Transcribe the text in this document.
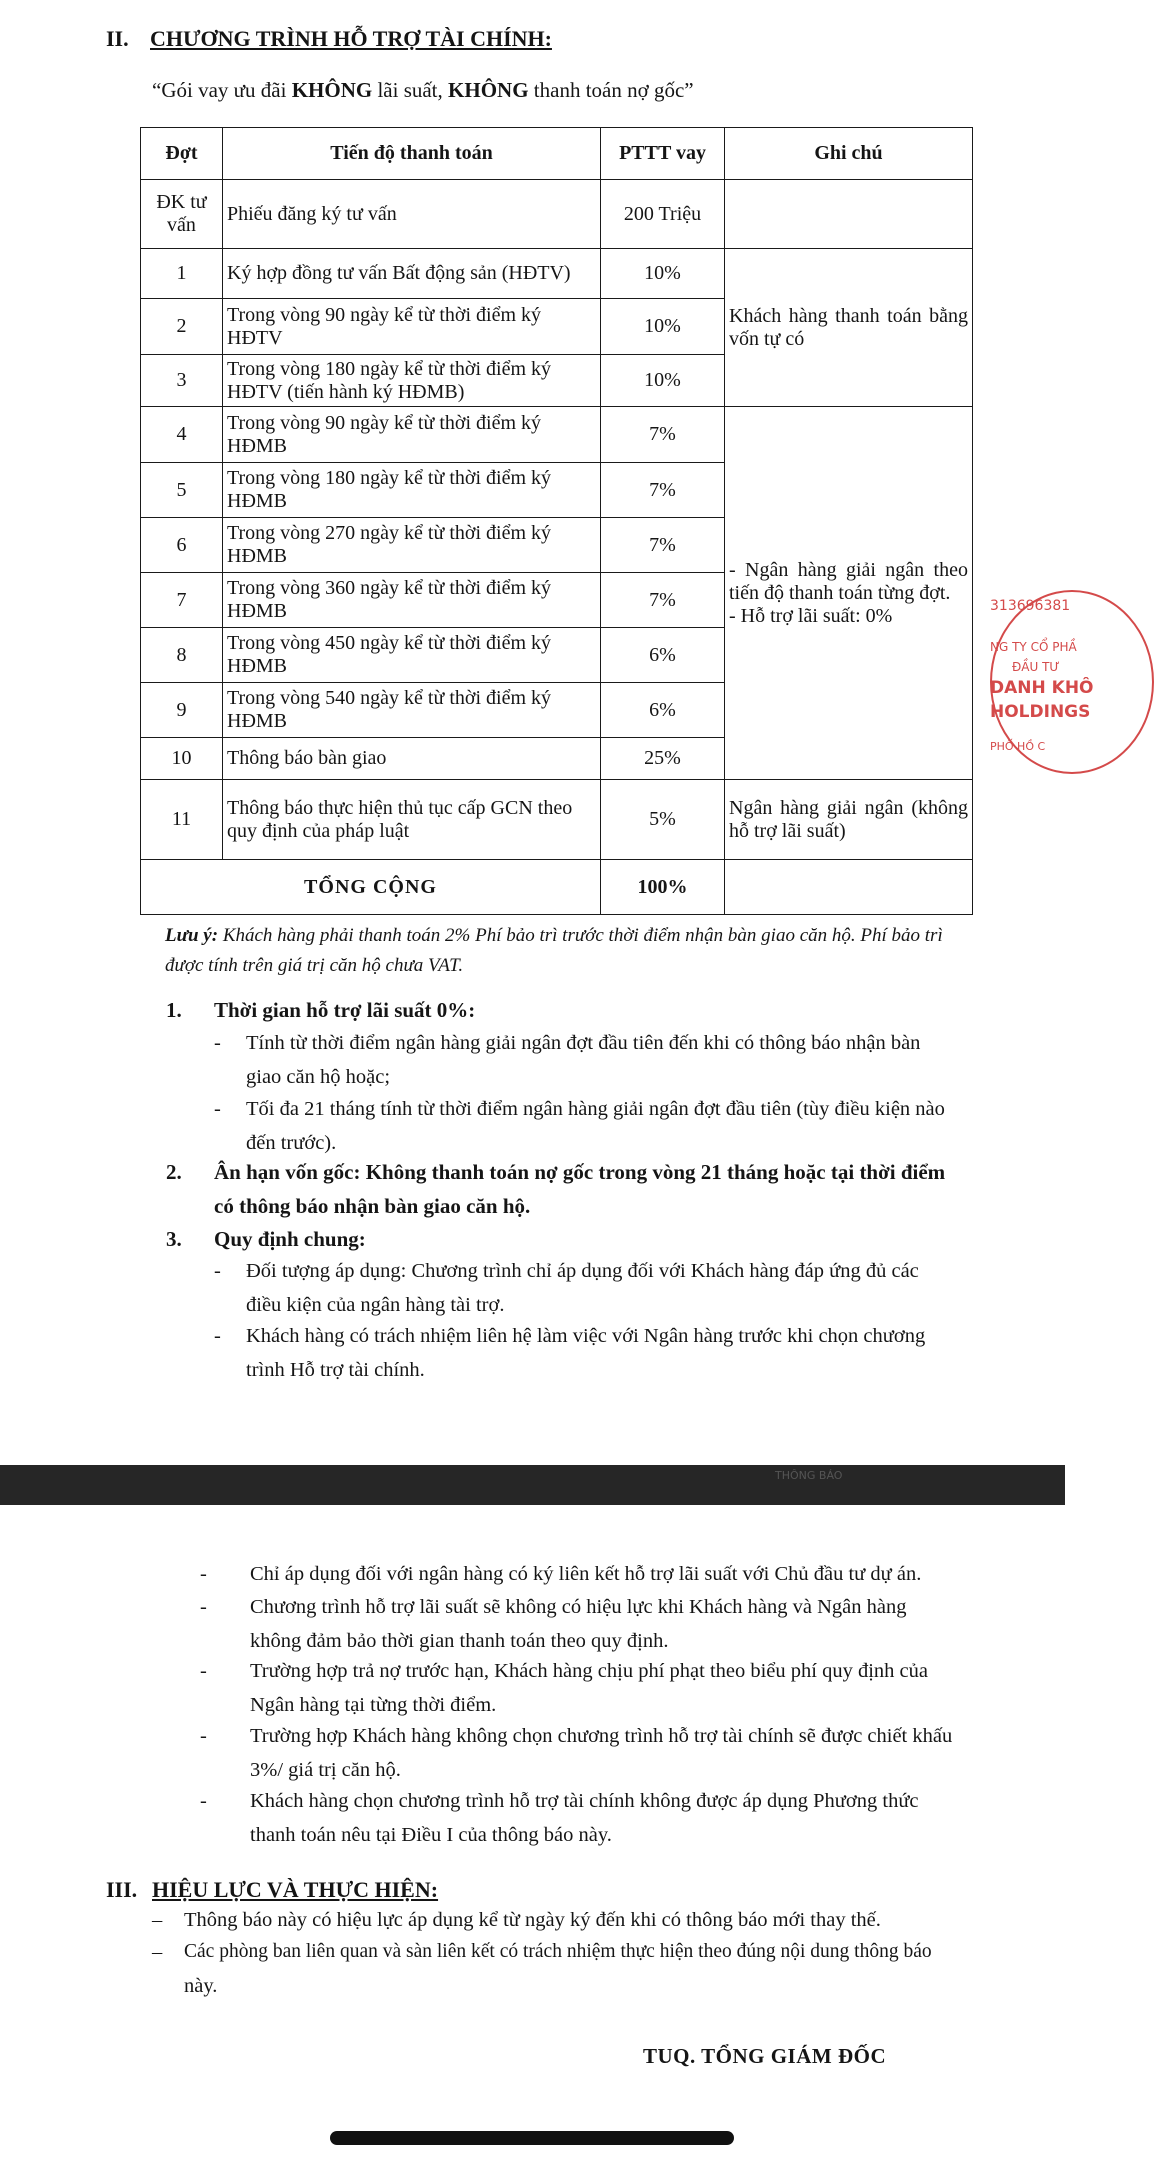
II. CHƯƠNG TRÌNH HỖ TRỢ TÀI CHÍNH:
“Gói vay ưu đãi KHÔNG lãi suất, KHÔNG thanh toán nợ gốc”
Đợt	Tiến độ thanh toán	PTTT vay	Ghi chú
ĐK tư vấn	Phiếu đăng ký tư vấn	200 Triệu	
1	Ký hợp đồng tư vấn Bất động sản (HĐTV)	10%	Khách hàng thanh toán bằng vốn tự có
2	Trong vòng 90 ngày kể từ thời điểm ký HĐTV	10%	
3	Trong vòng 180 ngày kể từ thời điểm ký HĐTV (tiến hành ký HĐMB)	10%	
4	Trong vòng 90 ngày kể từ thời điểm ký HĐMB	7%	- Ngân hàng giải ngân theo tiến độ thanh toán từng đợt.
- Hỗ trợ lãi suất: 0%

5	Trong vòng 180 ngày kể từ thời điểm ký HĐMB	7%	
6	Trong vòng 270 ngày kể từ thời điểm ký HĐMB	7%	
7	Trong vòng 360 ngày kể từ thời điểm ký HĐMB	7%	
8	Trong vòng 450 ngày kể từ thời điểm ký HĐMB	6%	
9	Trong vòng 540 ngày kể từ thời điểm ký HĐMB	6%	
10	Thông báo bàn giao	25%	
11	Thông báo thực hiện thủ tục cấp GCN theo quy định của pháp luật	5%	Ngân hàng giải ngân (không hỗ trợ lãi suất)
TỔNG CỘNG		100%	
313696381
NG TY CỔ PHẦ
ĐẦU TƯ
DANH KHÔ
HOLDINGS
PHỐ HỒ C
Lưu ý: Khách hàng phải thanh toán 2% Phí bảo trì trước thời điểm nhận bàn giao căn hộ. Phí bảo trì
được tính trên giá trị căn hộ chưa VAT.
1. Thời gian hỗ trợ lãi suất 0%:
- Tính từ thời điểm ngân hàng giải ngân đợt đầu tiên đến khi có thông báo nhận bàn
giao căn hộ hoặc;
- Tối đa 21 tháng tính từ thời điểm ngân hàng giải ngân đợt đầu tiên (tùy điều kiện nào
đến trước).
2. Ân hạn vốn gốc: Không thanh toán nợ gốc trong vòng 21 tháng hoặc tại thời điểm
có thông báo nhận bàn giao căn hộ.
3. Quy định chung:
- Đối tượng áp dụng: Chương trình chỉ áp dụng đối với Khách hàng đáp ứng đủ các
điều kiện của ngân hàng tài trợ.
- Khách hàng có trách nhiệm liên hệ làm việc với Ngân hàng trước khi chọn chương
trình Hỗ trợ tài chính.
THÔNG BÁO
- Chỉ áp dụng đối với ngân hàng có ký liên kết hỗ trợ lãi suất với Chủ đầu tư dự án.
- Chương trình hỗ trợ lãi suất sẽ không có hiệu lực khi Khách hàng và Ngân hàng
không đảm bảo thời gian thanh toán theo quy định.
- Trường hợp trả nợ trước hạn, Khách hàng chịu phí phạt theo biểu phí quy định của
Ngân hàng tại từng thời điểm.
- Trường hợp Khách hàng không chọn chương trình hỗ trợ tài chính sẽ được chiết khấu
3%/ giá trị căn hộ.
- Khách hàng chọn chương trình hỗ trợ tài chính không được áp dụng Phương thức
thanh toán nêu tại Điều I của thông báo này.
III. HIỆU LỰC VÀ THỰC HIỆN:
– Thông báo này có hiệu lực áp dụng kể từ ngày ký đến khi có thông báo mới thay thế.
– Các phòng ban liên quan và sàn liên kết có trách nhiệm thực hiện theo đúng nội dung thông báo
này.
TUQ. TỔNG GIÁM ĐỐC
